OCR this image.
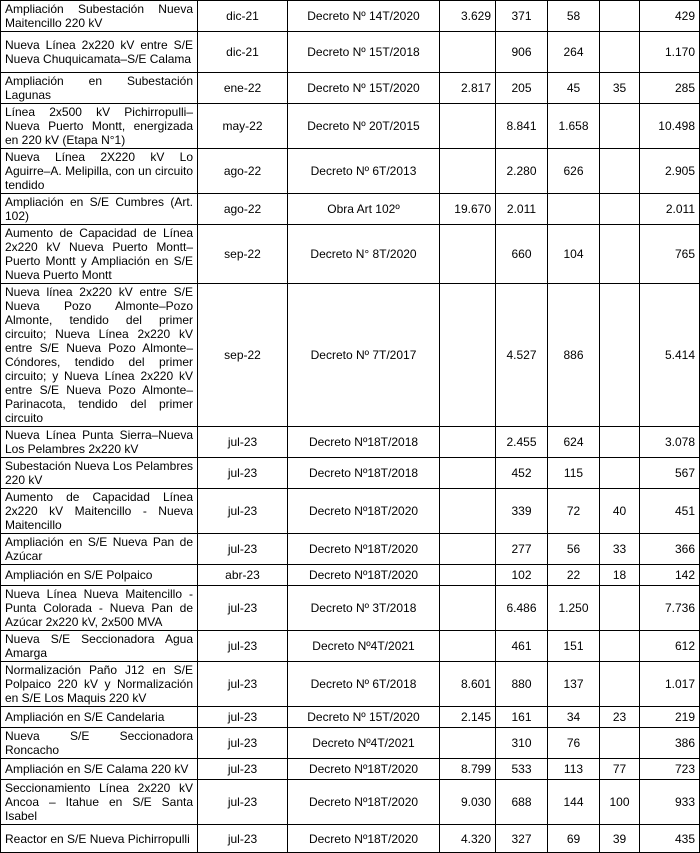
Ampliación Subestación Nueva Maitencillo 220 kV	dic-21	Decreto Nº 14T/2020	3.629	371	58		429
Nueva Línea 2x220 kV entre S/E Nueva Chuquicamata–S/E Calama	dic-21	Decreto Nº 15T/2018		906	264		1.170
Ampliación en Subestación Lagunas	ene-22	Decreto Nº 15T/2020	2.817	205	45	35	285
Línea 2x500 kV Pichirropulli–Nueva Puerto Montt, energizada en 220 kV (Etapa N°1)	may-22	Decreto Nº 20T/2015		8.841	1.658		10.498
Nueva Línea 2X220 kV Lo Aguirre–A. Melipilla, con un circuito tendido	ago-22	Decreto Nº 6T/2013		2.280	626		2.905
Ampliación en S/E Cumbres (Art. 102)	ago-22	Obra Art 102º	19.670	2.011			2.011
Aumento de Capacidad de Línea 2x220 kV Nueva Puerto Montt–Puerto Montt y Ampliación en S/E Nueva Puerto Montt	sep-22	Decreto N° 8T/2020		660	104		765
Nueva línea 2x220 kV entre S/E Nueva Pozo Almonte–Pozo Almonte, tendido del primer circuito; Nueva Línea 2x220 kV entre S/E Nueva Pozo Almonte–Cóndores, tendido del primer circuito; y Nueva Línea 2x220 kV entre S/E Nueva Pozo Almonte–Parinacota, tendido del primer circuito	sep-22	Decreto Nº 7T/2017		4.527	886		5.414
Nueva Línea Punta Sierra–Nueva Los Pelambres 2x220 kV	jul-23	Decreto Nº18T/2018		2.455	624		3.078
Subestación Nueva Los Pelambres 220 kV	jul-23	Decreto Nº18T/2018		452	115		567
Aumento de Capacidad Línea 2x220 kV Maitencillo - Nueva Maitencillo	jul-23	Decreto Nº18T/2020		339	72	40	451
Ampliación en S/E Nueva Pan de Azúcar	jul-23	Decreto Nº18T/2020		277	56	33	366
Ampliación en S/E Polpaico	abr-23	Decreto Nº18T/2020		102	22	18	142
Nueva Línea Nueva Maitencillo - Punta Colorada - Nueva Pan de Azúcar 2x220 kV, 2x500 MVA	jul-23	Decreto Nº 3T/2018		6.486	1.250		7.736
Nueva S/E Seccionadora Agua Amarga	jul-23	Decreto Nº4T/2021		461	151		612
Normalización Paño J12 en S/E Polpaico 220 kV y Normalización en S/E Los Maquis 220 kV	jul-23	Decreto Nº 6T/2018	8.601	880	137		1.017
Ampliación en S/E Candelaria	jul-23	Decreto Nº 15T/2020	2.145	161	34	23	219
Nueva S/E Seccionadora Roncacho	jul-23	Decreto Nº4T/2021		310	76		386
Ampliación en S/E Calama 220 kV	jul-23	Decreto Nº18T/2020	8.799	533	113	77	723
Seccionamiento Línea 2x220 kV Ancoa – Itahue en S/E Santa Isabel	jul-23	Decreto Nº18T/2020	9.030	688	144	100	933
Reactor en S/E Nueva Pichirropulli	jul-23	Decreto Nº18T/2020	4.320	327	69	39	435
